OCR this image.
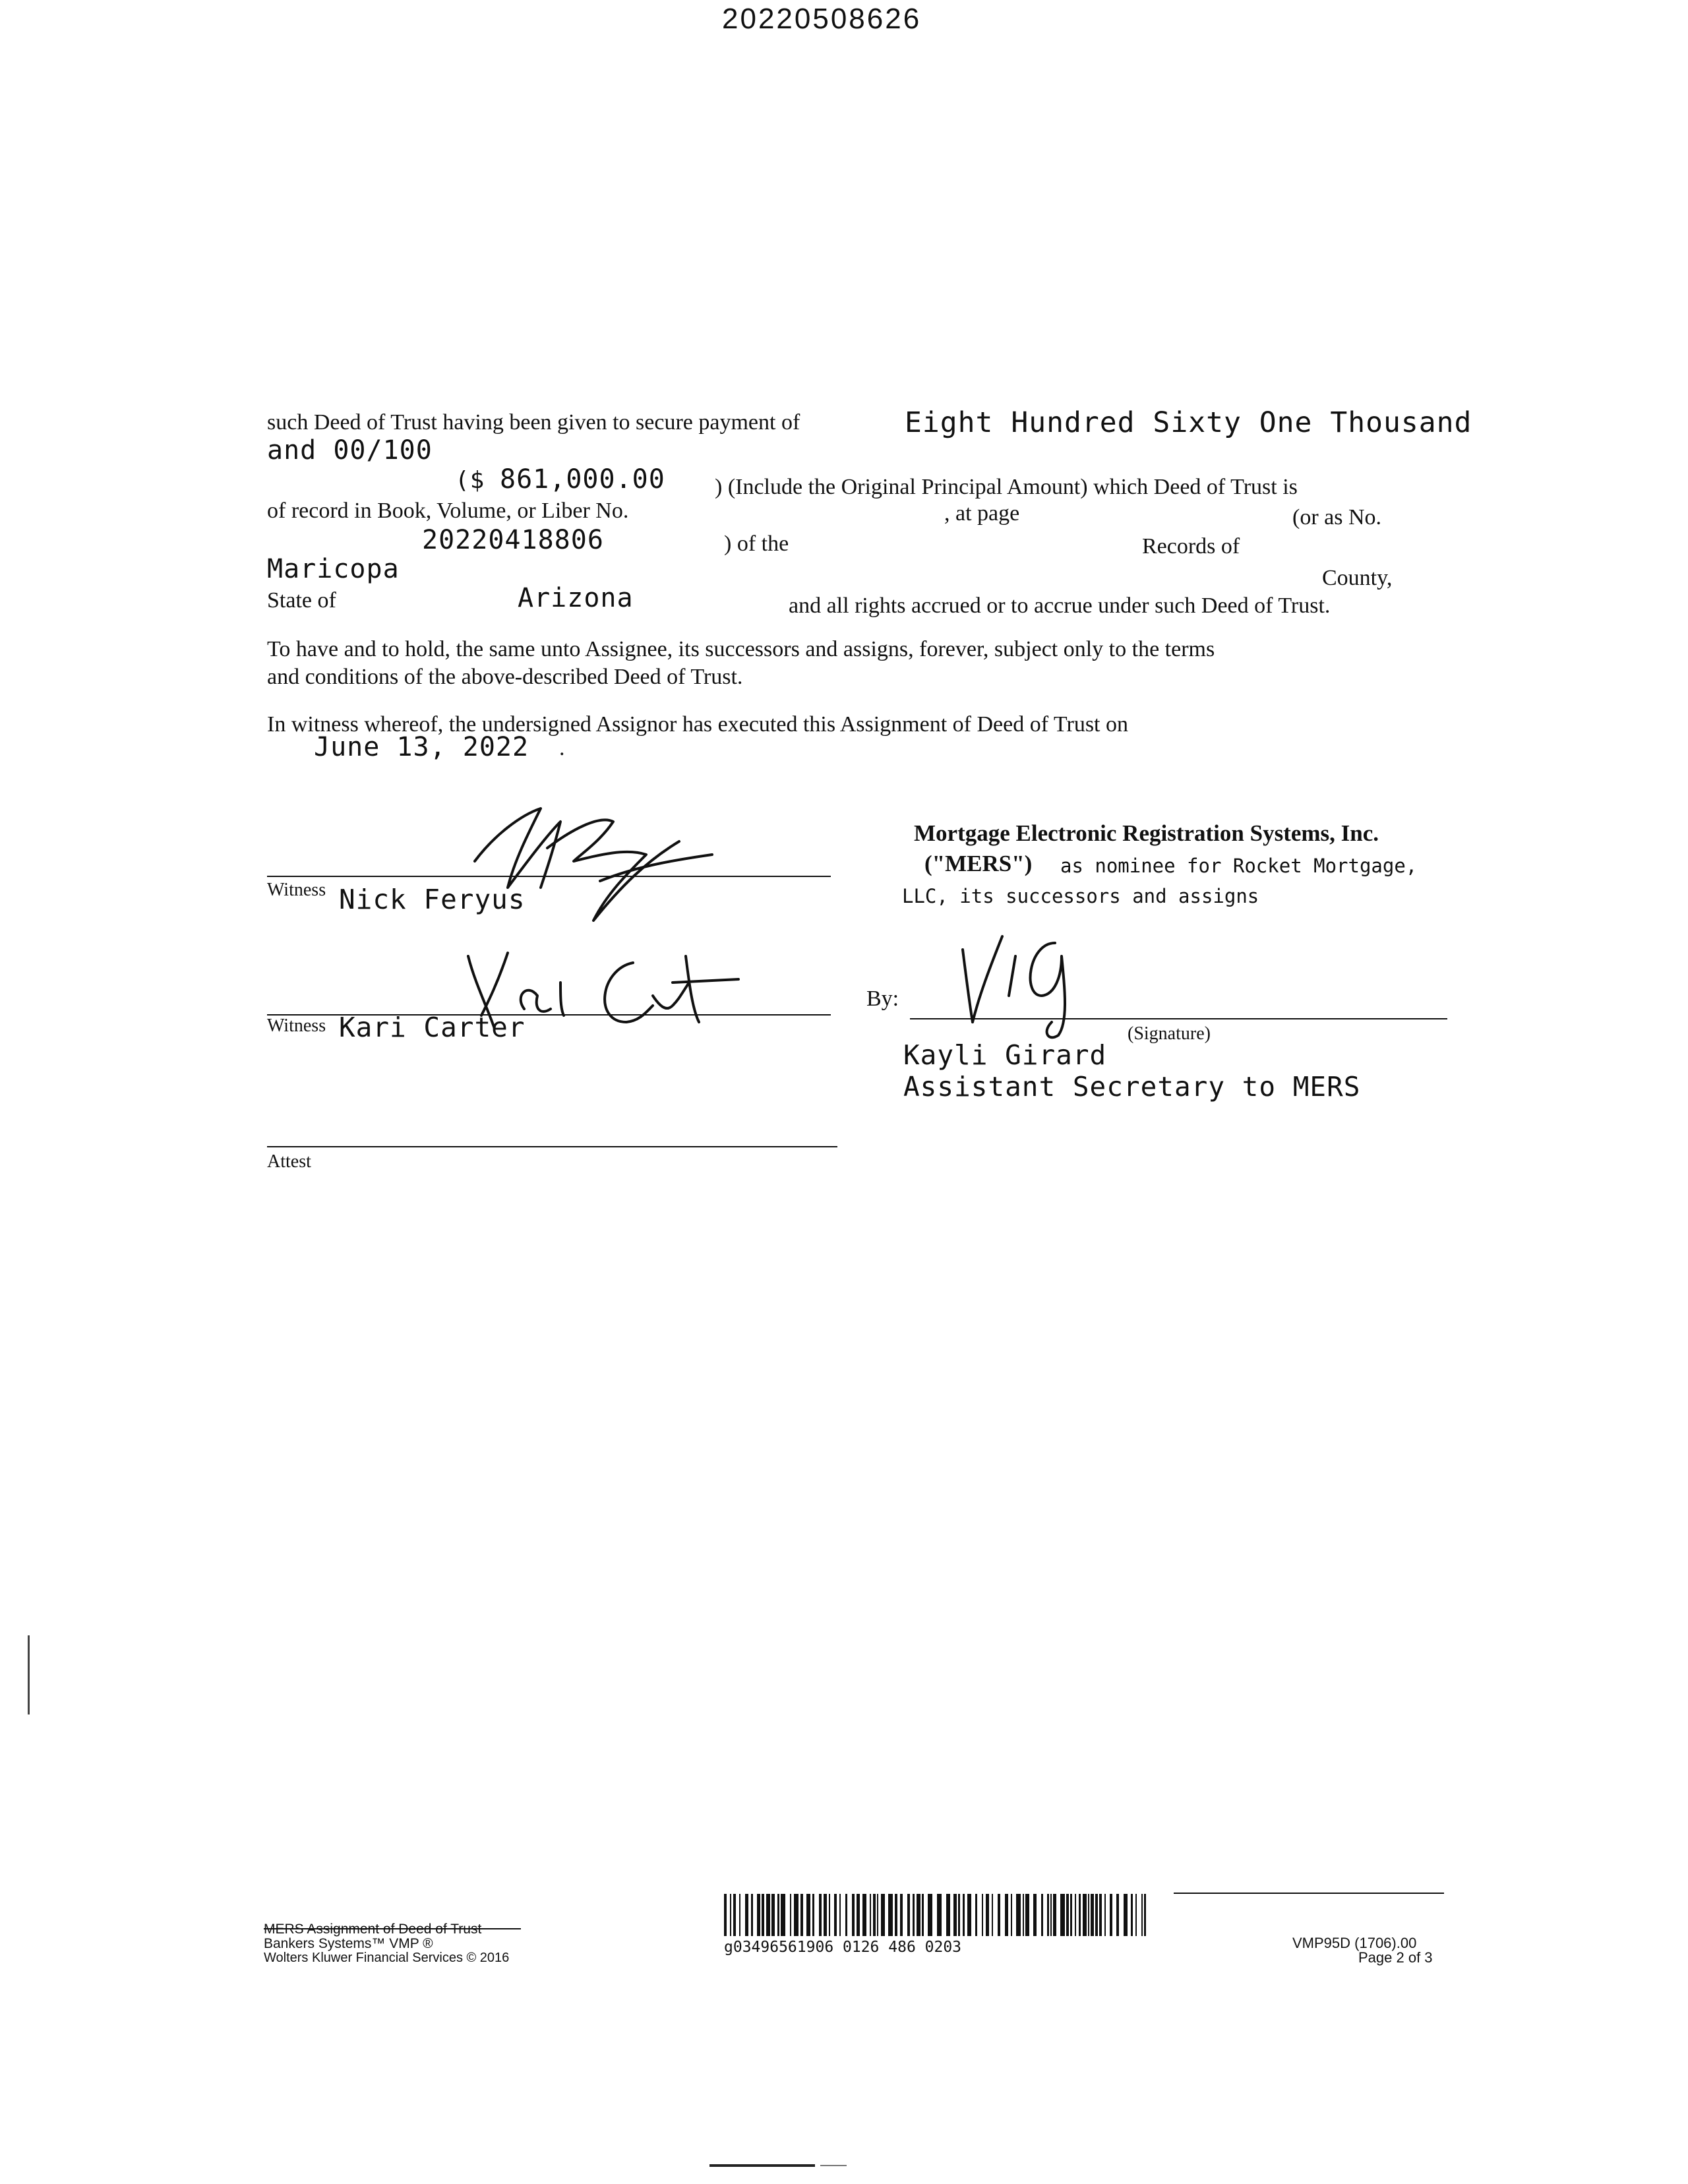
20220508626
such Deed of Trust having been given to secure payment of	Eight Hundred Sixty One Thousand
and 00/100
($ 861,000.00 ) (Include the Original Principal Amount) which Deed of Trust is
of record in Book, Volume, or Liber No.	, at page	(or as No.
20220418806	) of the	Records of
Maricopa	County,
State of	Arizona	and all rights accrued or to accrue under such Deed of Trust.
To have and to hold, the same unto Assignee, its successors and assigns, forever, subject only to the terms
and conditions of the above-described Deed of Trust.
In witness whereof, the undersigned Assignor has executed this Assignment of Deed of Trust on
June 13, 2022 .
Witness Nick Feryus
Witness Kari Carter
Attest
Mortgage Electronic Registration Systems, Inc.
("MERS") as nominee for Rocket Mortgage,
LLC, its successors and assigns
By:
(Signature)
Kayli Girard
Assistant Secretary to MERS
MERS Assignment of Deed of Trust
Bankers Systems™ VMP ®
Wolters Kluwer Financial Services © 2016
g03496561906 0126 486 0203	VMP95D (1706).00
Page 2 of 3
